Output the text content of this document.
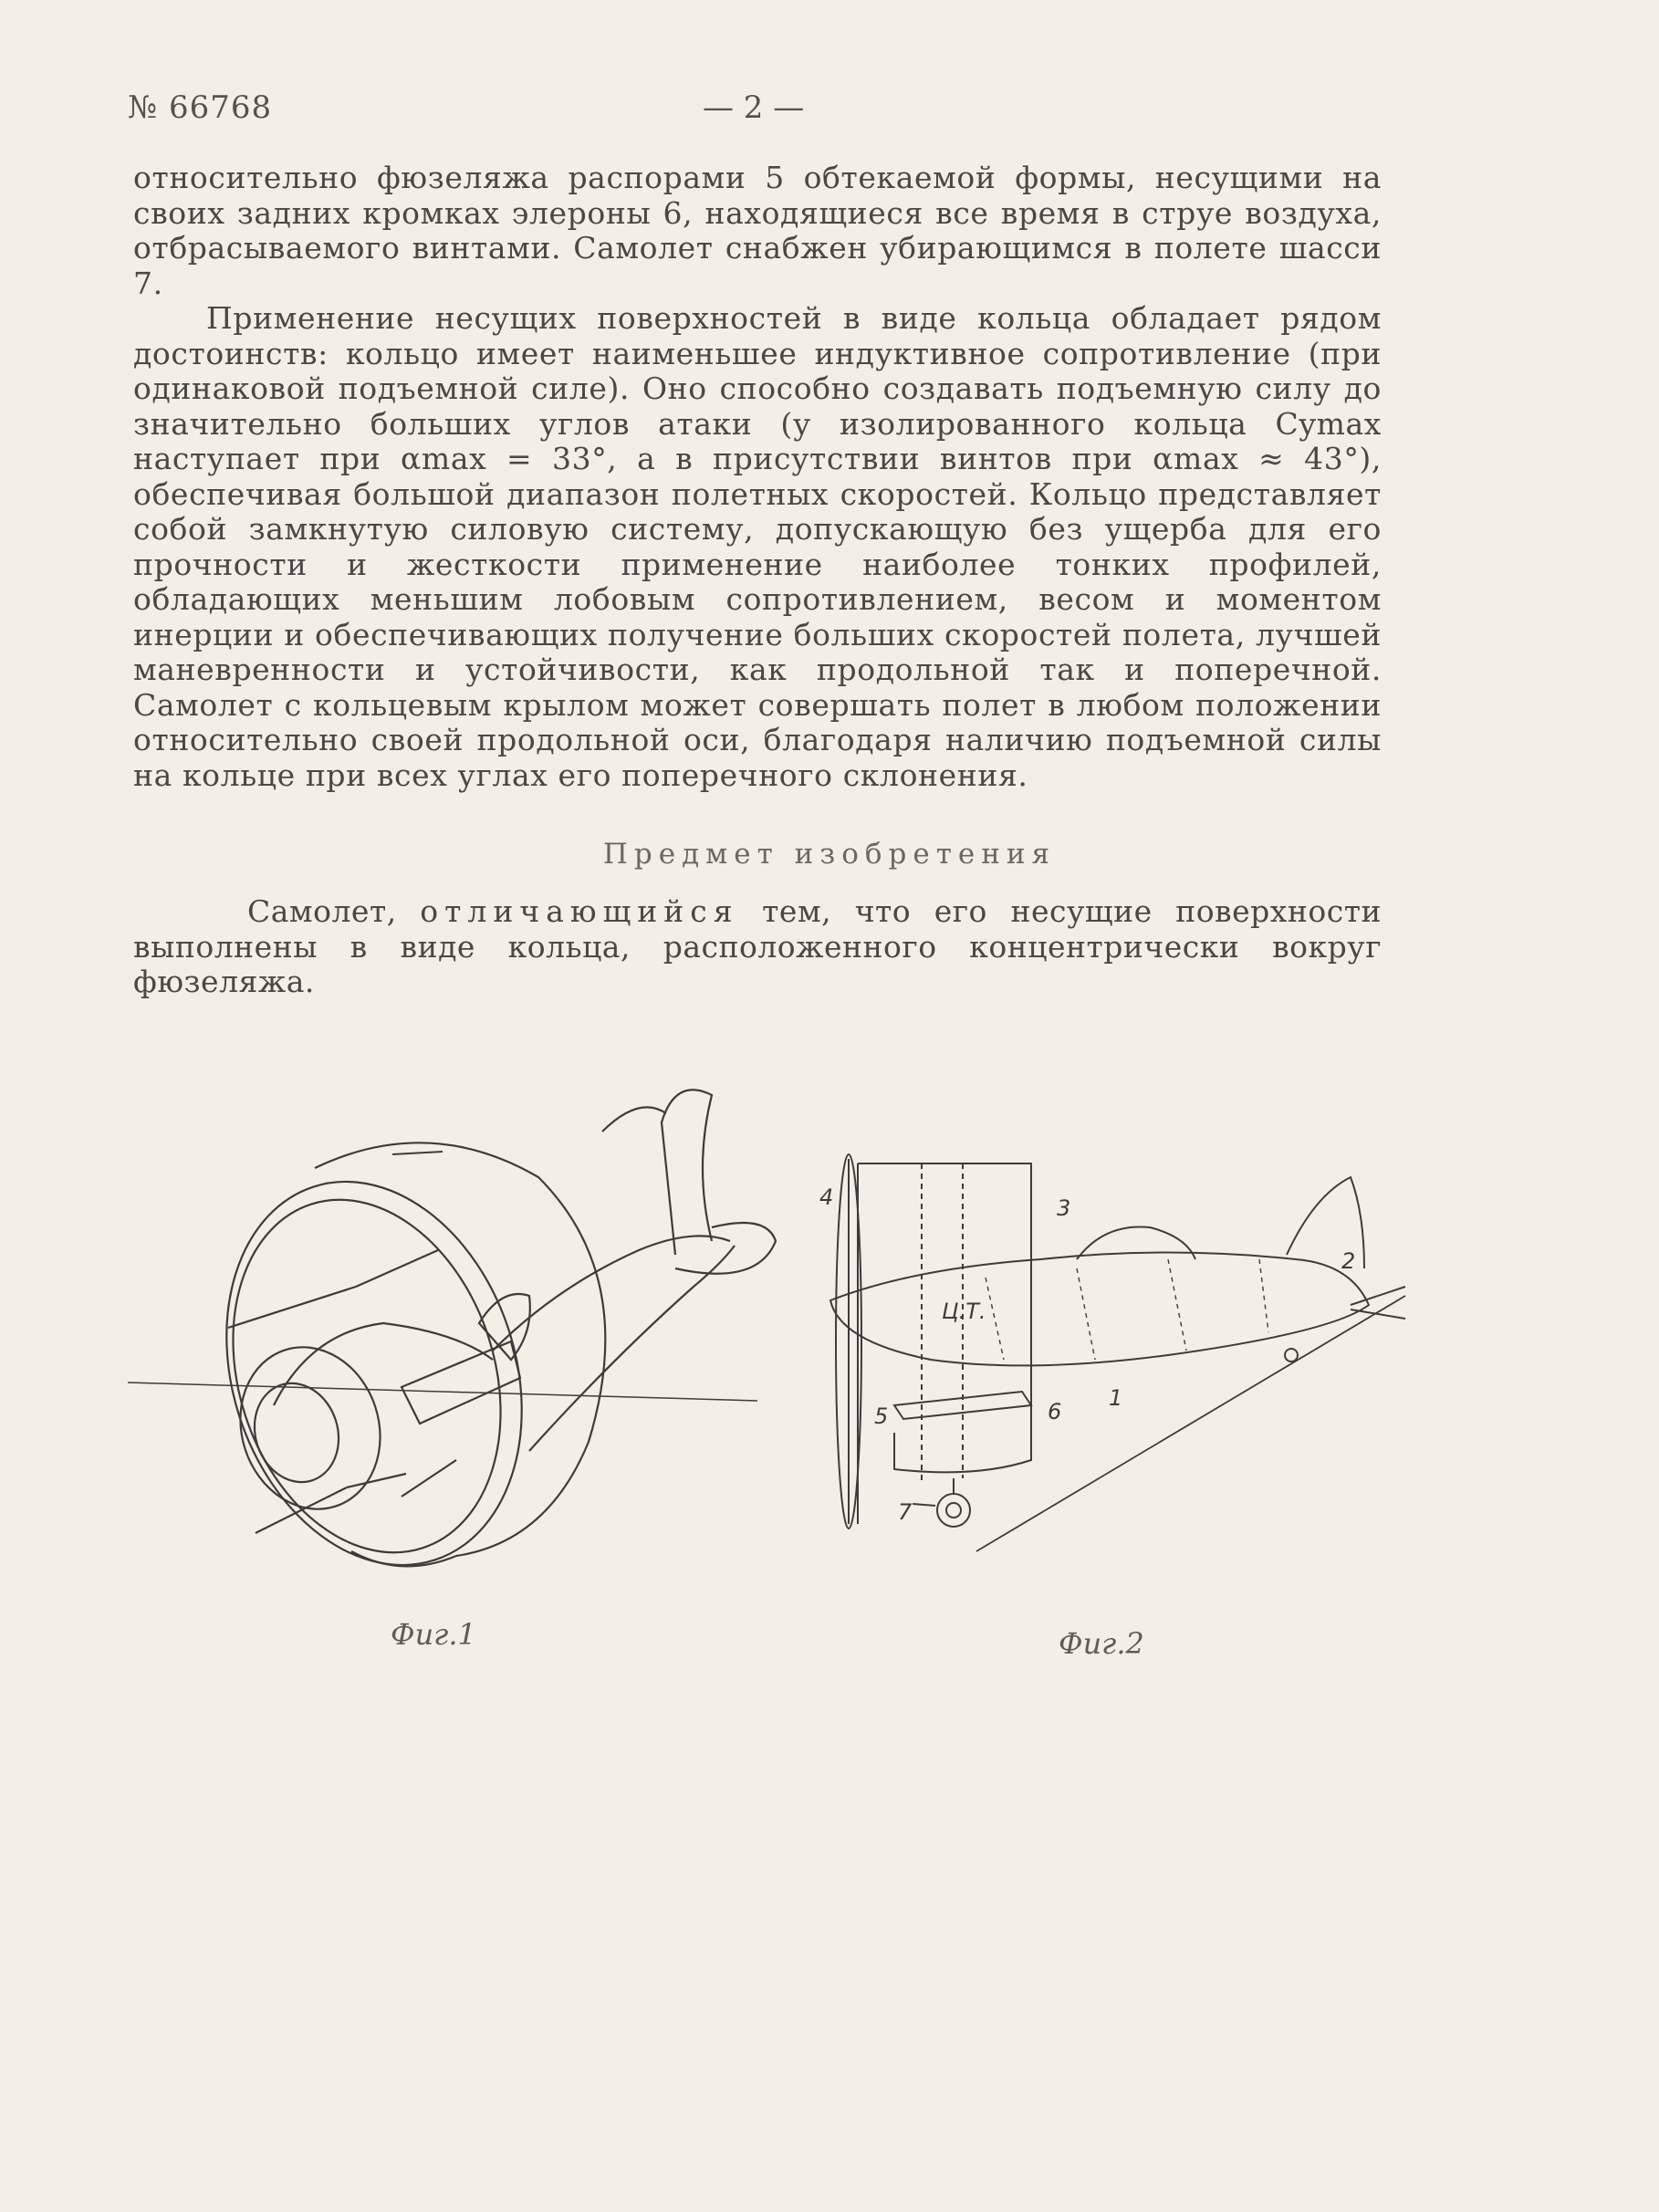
№ 66768	— 2 —

относительно фюзеляжа распорами 5 обтекаемой формы, несущими на своих задних кромках элероны 6, находящиеся все время в струе воздуха, отбрасываемого винтами. Самолет снабжен убирающимся в полете шасси 7.

Применение несущих поверхностей в виде кольца обладает рядом достоинств: кольцо имеет наименьшее индуктивное сопротивление (при одинаковой подъемной силе). Оно способно создавать подъемную силу до значительно больших углов атаки (у изолированного кольца Cymax наступает при αmax = 33°, а в присутствии винтов при αmax ≈ 43°), обеспечивая большой диапазон полетных скоростей. Кольцо представляет собой замкнутую силовую систему, допускающую без ущерба для его прочности и жесткости применение наиболее тонких профилей, обладающих меньшим лобовым сопротивлением, весом и моментом инерции и обеспечивающих получение больших скоростей полета, лучшей маневренности и устойчивости, как продольной так и поперечной. Самолет с кольцевым крылом может совершать полет в любом положении относительно своей продольной оси, благодаря наличию подъемной силы на кольце при всех углах его поперечного склонения.

Предмет изобретения
Самолет, отличающийся тем, что его несущие поверхности выполнены в виде кольца, расположенного концентрически вокруг фюзеляжа.
Фиг.1
4	3
2
Ц.Т.
1
6
5
7
Фиг.2
